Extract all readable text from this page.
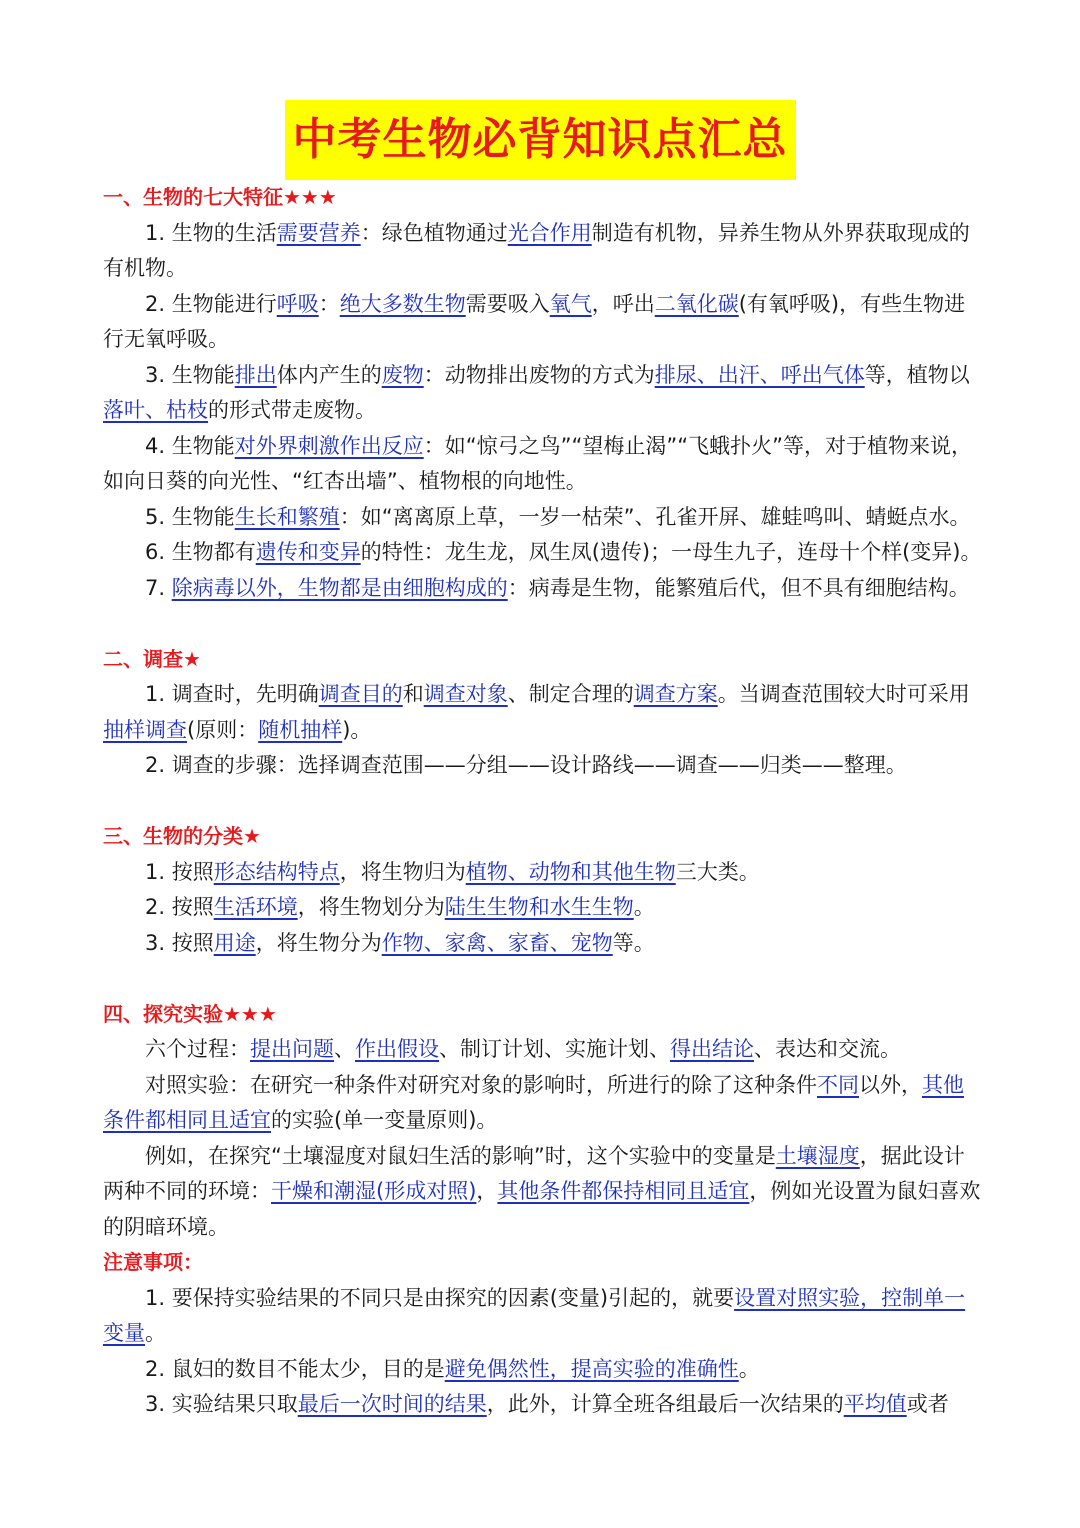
中考生物必背知识点汇总
一、生物的七大特征★★★
1. 生物的生活需要营养：绿色植物通过光合作用制造有机物，异养生物从外界获取现成的有机物。
2. 生物能进行呼吸：绝大多数生物需要吸入氧气，呼出二氧化碳(有氧呼吸)，有些生物进行无氧呼吸。
3. 生物能排出体内产生的废物：动物排出废物的方式为排尿、出汗、呼出气体等，植物以落叶、枯枝的形式带走废物。
4. 生物能对外界刺激作出反应：如“惊弓之鸟”“望梅止渴”“飞蛾扑火”等，对于植物来说，如向日葵的向光性、“红杏出墙”、植物根的向地性。
5. 生物能生长和繁殖：如“离离原上草，一岁一枯荣”、孔雀开屏、雄蛙鸣叫、蜻蜓点水。
6. 生物都有遗传和变异的特性：龙生龙，凤生凤(遗传)；一母生九子，连母十个样(变异)。
7. 除病毒以外，生物都是由细胞构成的：病毒是生物，能繁殖后代，但不具有细胞结构。
二、调查★
1. 调查时，先明确调查目的和调查对象、制定合理的调查方案。当调查范围较大时可采用抽样调查(原则：随机抽样)。
2. 调查的步骤：选择调查范围——分组——设计路线——调查——归类——整理。
三、生物的分类★
1. 按照形态结构特点，将生物归为植物、动物和其他生物三大类。
2. 按照生活环境，将生物划分为陆生生物和水生生物。
3. 按照用途，将生物分为作物、家禽、家畜、宠物等。
四、探究实验★★★
六个过程：提出问题、作出假设、制订计划、实施计划、得出结论、表达和交流。
对照实验：在研究一种条件对研究对象的影响时，所进行的除了这种条件不同以外，其他条件都相同且适宜的实验(单一变量原则)。
例如，在探究“土壤湿度对鼠妇生活的影响”时，这个实验中的变量是土壤湿度，据此设计两种不同的环境：干燥和潮湿(形成对照)，其他条件都保持相同且适宜，例如光设置为鼠妇喜欢的阴暗环境。
注意事项：
1. 要保持实验结果的不同只是由探究的因素(变量)引起的，就要设置对照实验，控制单一变量。
2. 鼠妇的数目不能太少，目的是避免偶然性，提高实验的准确性。
3. 实验结果只取最后一次时间的结果，此外，计算全班各组最后一次结果的平均值或者
